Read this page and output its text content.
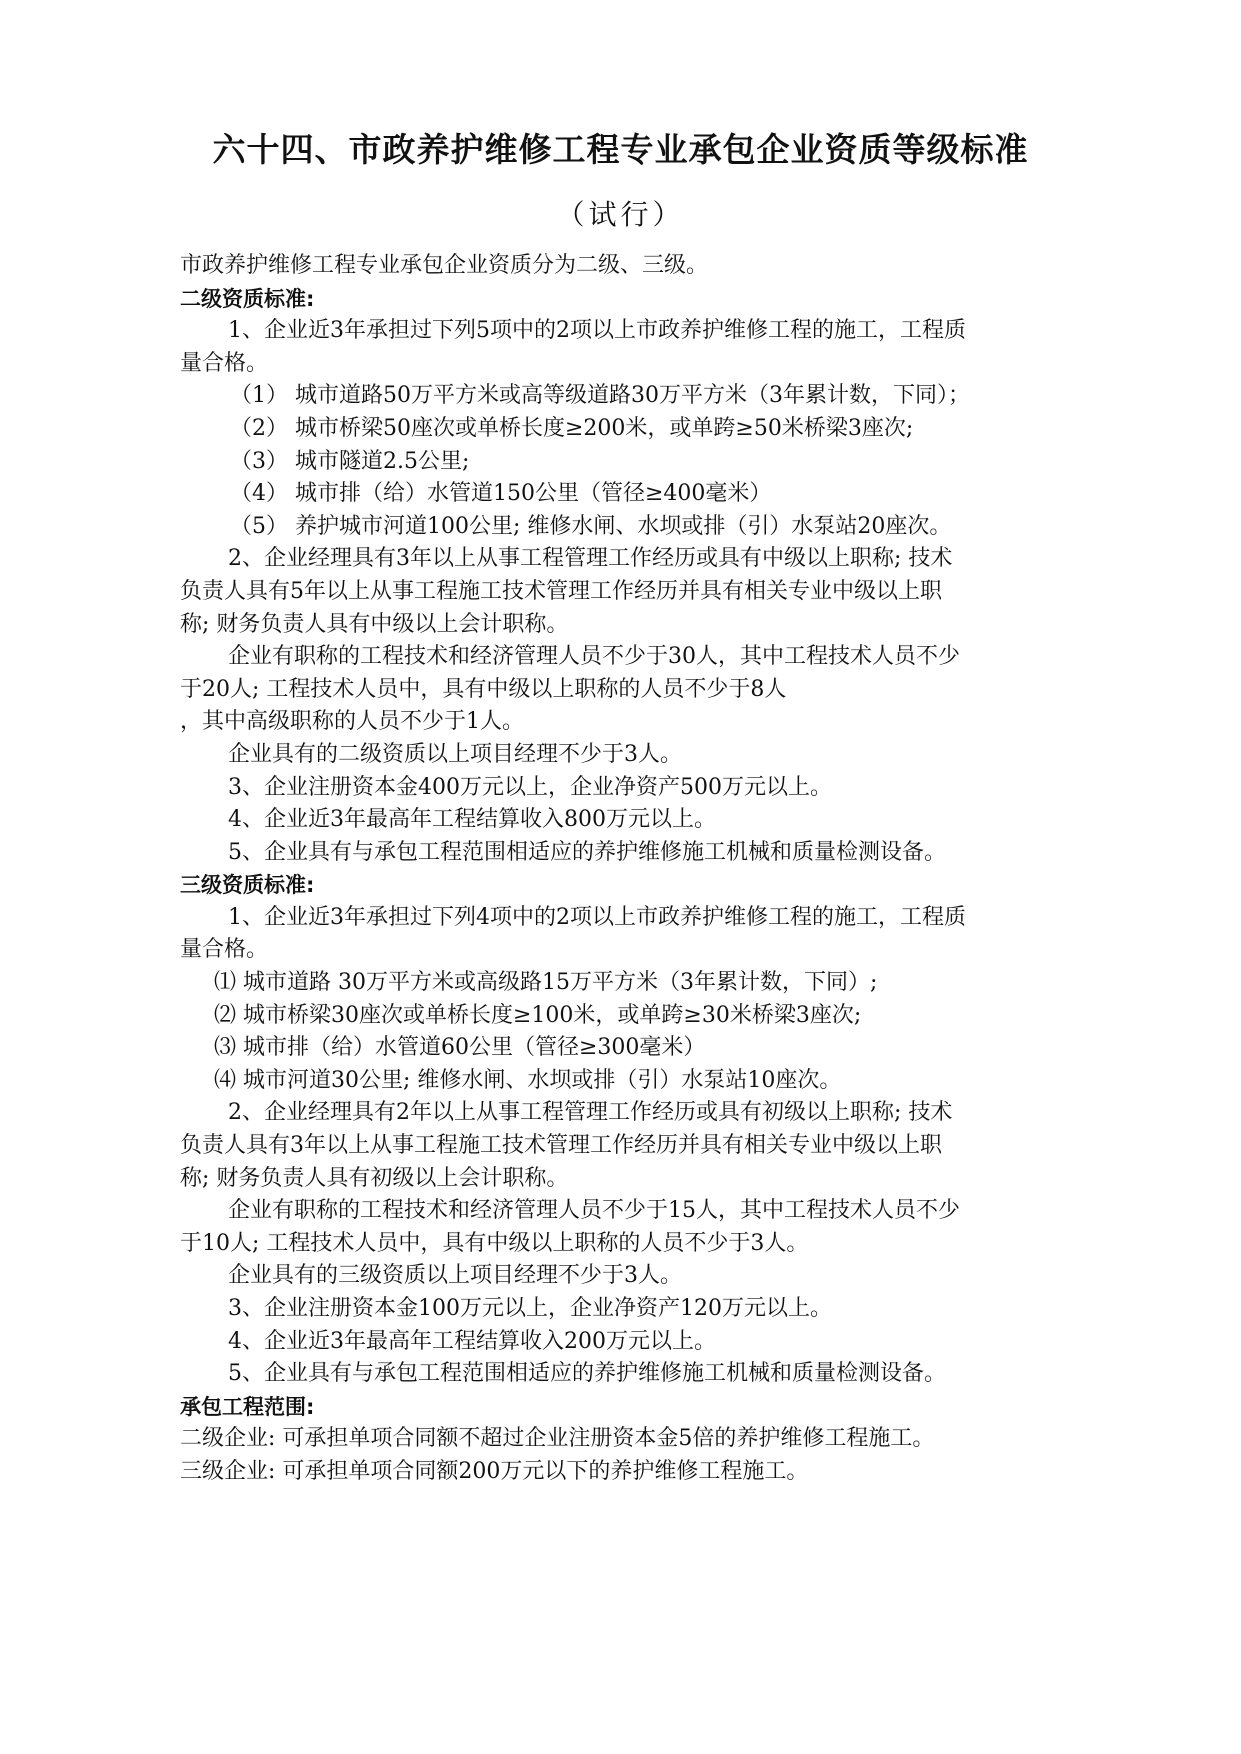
六十四、市政养护维修工程专业承包企业资质等级标准
（试行）
市政养护维修工程专业承包企业资质分为二级、三级。
二级资质标准:
1、企业近3年承担过下列5项中的2项以上市政养护维修工程的施工，工程质
量合格。
（1） 城市道路50万平方米或高等级道路30万平方米（3年累计数，下同）；
（2） 城市桥梁50座次或单桥长度≥200米，或单跨≥50米桥梁3座次;
（3） 城市隧道2.5公里;
（4） 城市排（给）水管道150公里（管径≥400毫米）
（5） 养护城市河道100公里; 维修水闸、水坝或排（引）水泵站20座次。
2、企业经理具有3年以上从事工程管理工作经历或具有中级以上职称; 技术
负责人具有5年以上从事工程施工技术管理工作经历并具有相关专业中级以上职
称; 财务负责人具有中级以上会计职称。
企业有职称的工程技术和经济管理人员不少于30人，其中工程技术人员不少
于20人; 工程技术人员中，具有中级以上职称的人员不少于8人
，其中高级职称的人员不少于1人。
企业具有的二级资质以上项目经理不少于3人。
3、企业注册资本金400万元以上，企业净资产500万元以上。
4、企业近3年最高年工程结算收入800万元以上。
5、企业具有与承包工程范围相适应的养护维修施工机械和质量检测设备。
三级资质标准:
1、企业近3年承担过下列4项中的2项以上市政养护维修工程的施工，工程质
量合格。
⑴ 城市道路 30万平方米或高级路15万平方米（3年累计数，下同）;
⑵ 城市桥梁30座次或单桥长度≥100米，或单跨≥30米桥梁3座次;
⑶ 城市排（给）水管道60公里（管径≥300毫米）
⑷ 城市河道30公里; 维修水闸、水坝或排（引）水泵站10座次。
2、企业经理具有2年以上从事工程管理工作经历或具有初级以上职称; 技术
负责人具有3年以上从事工程施工技术管理工作经历并具有相关专业中级以上职
称; 财务负责人具有初级以上会计职称。
企业有职称的工程技术和经济管理人员不少于15人，其中工程技术人员不少
于10人; 工程技术人员中，具有中级以上职称的人员不少于3人。
企业具有的三级资质以上项目经理不少于3人。
3、企业注册资本金100万元以上，企业净资产120万元以上。
4、企业近3年最高年工程结算收入200万元以上。
5、企业具有与承包工程范围相适应的养护维修施工机械和质量检测设备。
承包工程范围:
二级企业: 可承担单项合同额不超过企业注册资本金5倍的养护维修工程施工。
三级企业: 可承担单项合同额200万元以下的养护维修工程施工。
